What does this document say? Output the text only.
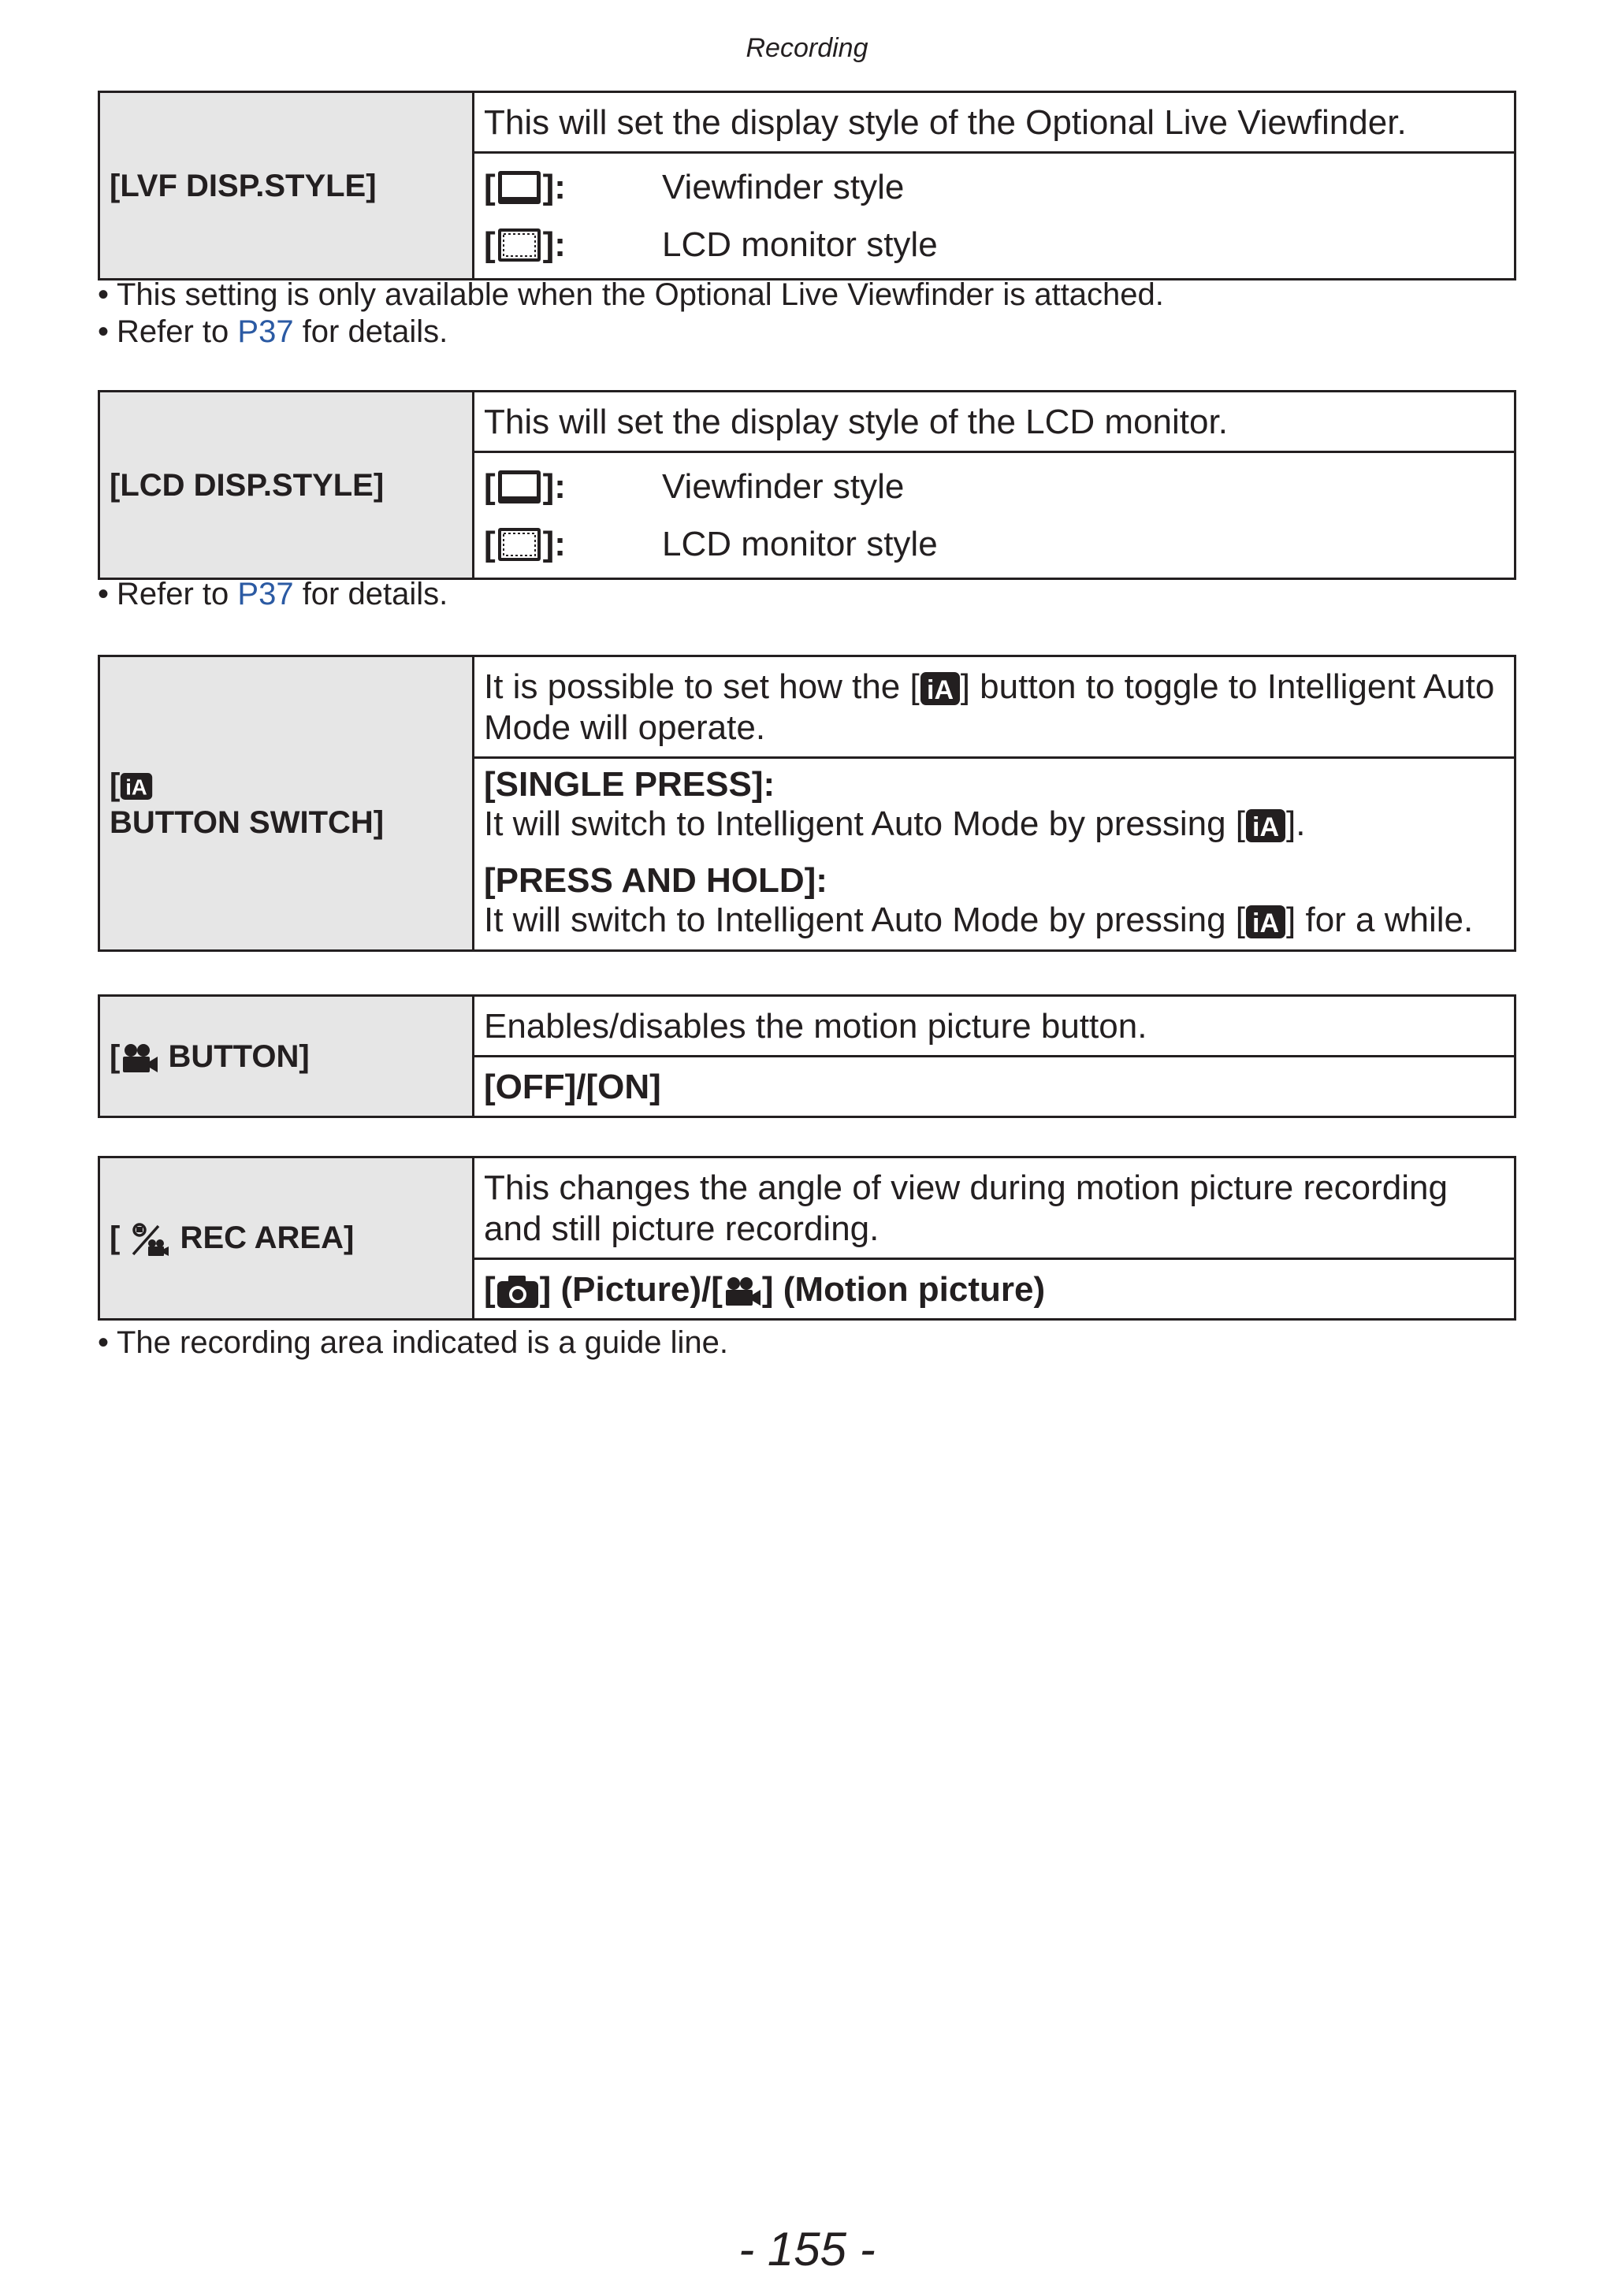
Recording
[LVF DISP.STYLE]	This will set the display style of the Optional Live Viewfinder.

[ ]:	Viewfinder style
[ ]:	LCD monitor style
• This setting is only available when the Optional Live Viewfinder is attached.
• Refer to P37 for details.
[LCD DISP.STYLE]	This will set the display style of the LCD monitor.

[ ]:	Viewfinder style
[ ]:	LCD monitor style
• Refer to P37 for details.
[
BUTTON SWITCH]
	It is possible to set how the [ ] button to toggle to Intelligent Auto Mode will operate.

[SINGLE PRESS]:

It will switch to Intelligent Auto Mode by pressing [ ].

[PRESS AND HOLD]:

It will switch to Intelligent Auto Mode by pressing [ ] for a while.

[
BUTTON]	Enables/disables the motion picture button.
[OFF]/[ON]
[
REC AREA]	This changes the angle of view during motion picture recording and still picture recording.
[ ] (Picture)/[ ] (Motion picture)
• The recording area indicated is a guide line.
- 155 -
